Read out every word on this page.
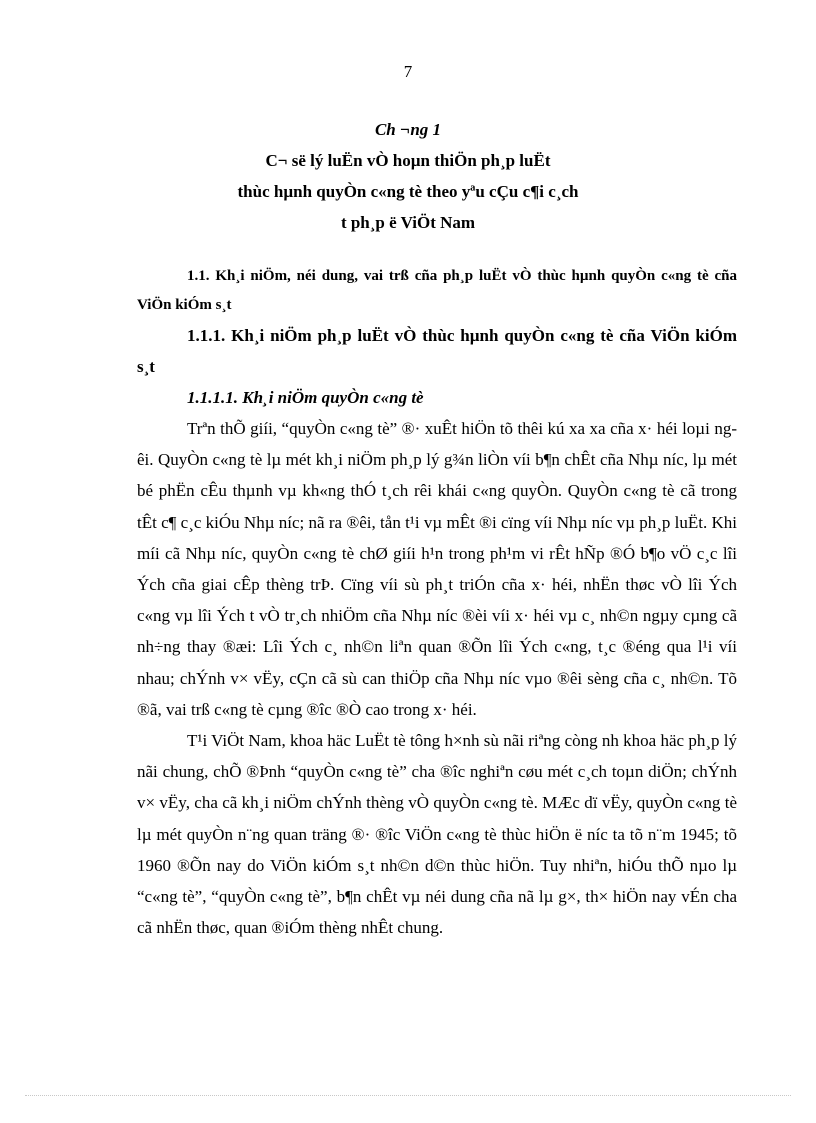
7
Ch ¬ng 1
C¬ së lý luËn vÒ hoµn thiÖn ph¸p luËt
thùc hµnh quyÒn c«ng tè theo yªu cÇu c¶i c¸ch
t ph¸p ë ViÖt Nam

1.1. Kh¸i niÖm, néi dung, vai trß cña ph¸p luËt vÒ thùc hµnh quyÒn c«ng tè cña ViÖn kiÓm s¸t

1.1.1. Kh¸i niÖm ph¸p luËt vÒ thùc hµnh quyÒn c«ng tè cña ViÖn kiÓm s¸t

1.1.1.1. Kh¸i niÖm quyÒn c«ng tè

Trªn thÕ giíi, “quyÒn c«ng tè” ®· xuÊt hiÖn tõ thêi kú xa xa cña x· héi loµi ngêi. QuyÒn c«ng tè lµ mét kh¸i niÖm ph¸p lý g¾n liÒn víi b¶n chÊt cña Nhµ níc, lµ mét bé phËn cÊu thµnh vµ kh«ng thÓ t¸ch rêi khái c«ng quyÒn. QuyÒn c«ng tè cã trong tÊt c¶ c¸c kiÓu Nhµ níc; nã ra ®êi, tån t¹i vµ mÊt ®i cïng víi Nhµ níc vµ ph¸p luËt. Khi míi cã Nhµ níc, quyÒn c«ng tè chØ giíi h¹n trong ph¹m vi rÊt hÑp ®Ó b¶o vÖ c¸c lîi Ých cña giai cÊp thèng trÞ. Cïng víi sù ph¸t triÓn cña x· héi, nhËn thøc vÒ lîi Ých c«ng vµ lîi Ých t vÒ tr¸ch nhiÖm cña Nhµ níc ®èi víi x· héi vµ c¸ nh©n ngµy cµng cã nh÷ng thay ®æi: Lîi Ých c¸ nh©n liªn quan ®Õn lîi Ých c«ng, t¸c ®éng qua l¹i víi nhau; chÝnh v× vËy, cÇn cã sù can thiÖp cña Nhµ níc vµo ®êi sèng cña c¸ nh©n. Tõ ®ã, vai trß c«ng tè cµng ®îc ®Ò cao trong x· héi.

T¹i ViÖt Nam, khoa häc LuËt tè tông h×nh sù nãi riªng còng nh khoa häc ph¸p lý nãi chung, chÕ ®Þnh “quyÒn c«ng tè” cha ®îc nghiªn cøu mét c¸ch toµn diÖn; chÝnh v× vËy, cha cã kh¸i niÖm chÝnh thèng vÒ quyÒn c«ng tè. MÆc dï vËy, quyÒn c«ng tè lµ mét quyÒn n¨ng quan träng ®· ®îc ViÖn c«ng tè thùc hiÖn ë níc ta tõ n¨m 1945; tõ 1960 ®Õn nay do ViÖn kiÓm s¸t nh©n d©n thùc hiÖn. Tuy nhiªn, hiÓu thÕ nµo lµ “c«ng tè”, “quyÒn c«ng tè”, b¶n chÊt vµ néi dung cña nã lµ g×, th× hiÖn nay vÉn cha cã nhËn thøc, quan ®iÓm thèng nhÊt chung.
